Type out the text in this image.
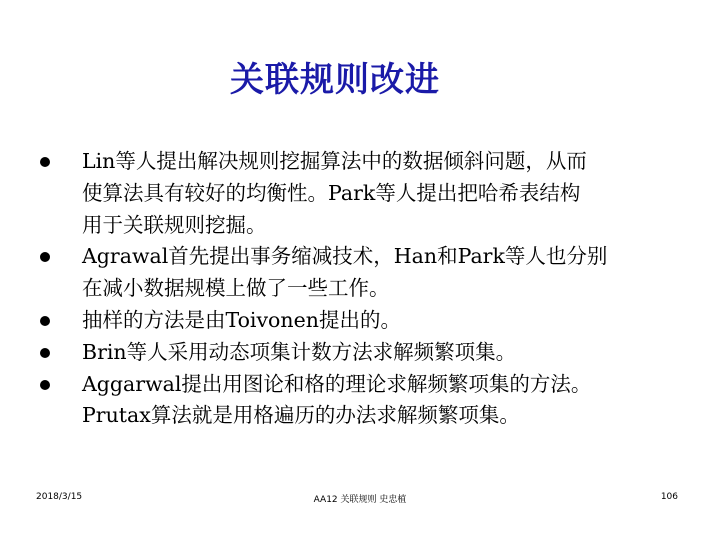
关联规则改进
Lin等人提出解决规则挖掘算法中的数据倾斜问题，从而
使算法具有较好的均衡性。Park等人提出把哈希表结构
用于关联规则挖掘。
Agrawal首先提出事务缩减技术，Han和Park等人也分别
在减小数据规模上做了一些工作。
抽样的方法是由Toivonen提出的。
Brin等人采用动态项集计数方法求解频繁项集。
Aggarwal提出用图论和格的理论求解频繁项集的方法。
Prutax算法就是用格遍历的办法求解频繁项集。
2018/3/15	AA12 关联规则 史忠植	106
